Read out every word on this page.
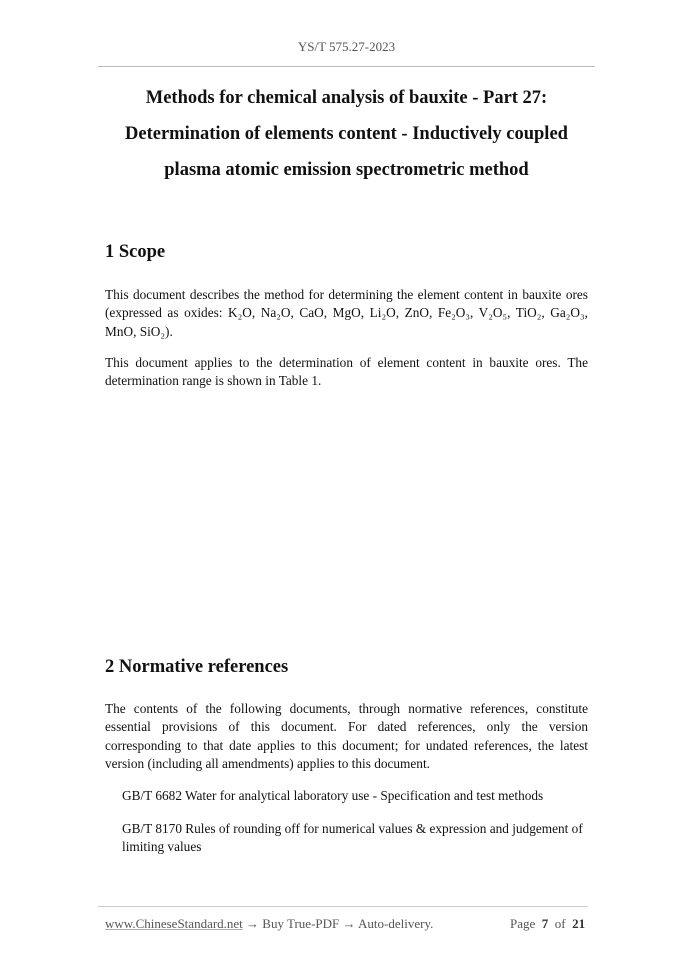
YS/T 575.27-2023
Methods for chemical analysis of bauxite - Part 27:
Determination of elements content - Inductively coupled
plasma atomic emission spectrometric method
1 Scope
This document describes the method for determining the element content in bauxite ores (expressed as oxides: K₂O, Na₂O, CaO, MgO, Li₂O, ZnO, Fe₂O₃, V₂O₅, TiO₂, Ga₂O₃, MnO, SiO₂).
This document applies to the determination of element content in bauxite ores. The determination range is shown in Table 1.
2 Normative references
The contents of the following documents, through normative references, constitute essential provisions of this document. For dated references, only the version corresponding to that date applies to this document; for undated references, the latest version (including all amendments) applies to this document.
GB/T 6682 Water for analytical laboratory use - Specification and test methods
GB/T 8170 Rules of rounding off for numerical values & expression and judgement of limiting values
www.ChineseStandard.net → Buy True-PDF → Auto-delivery.	Page 7 of 21
